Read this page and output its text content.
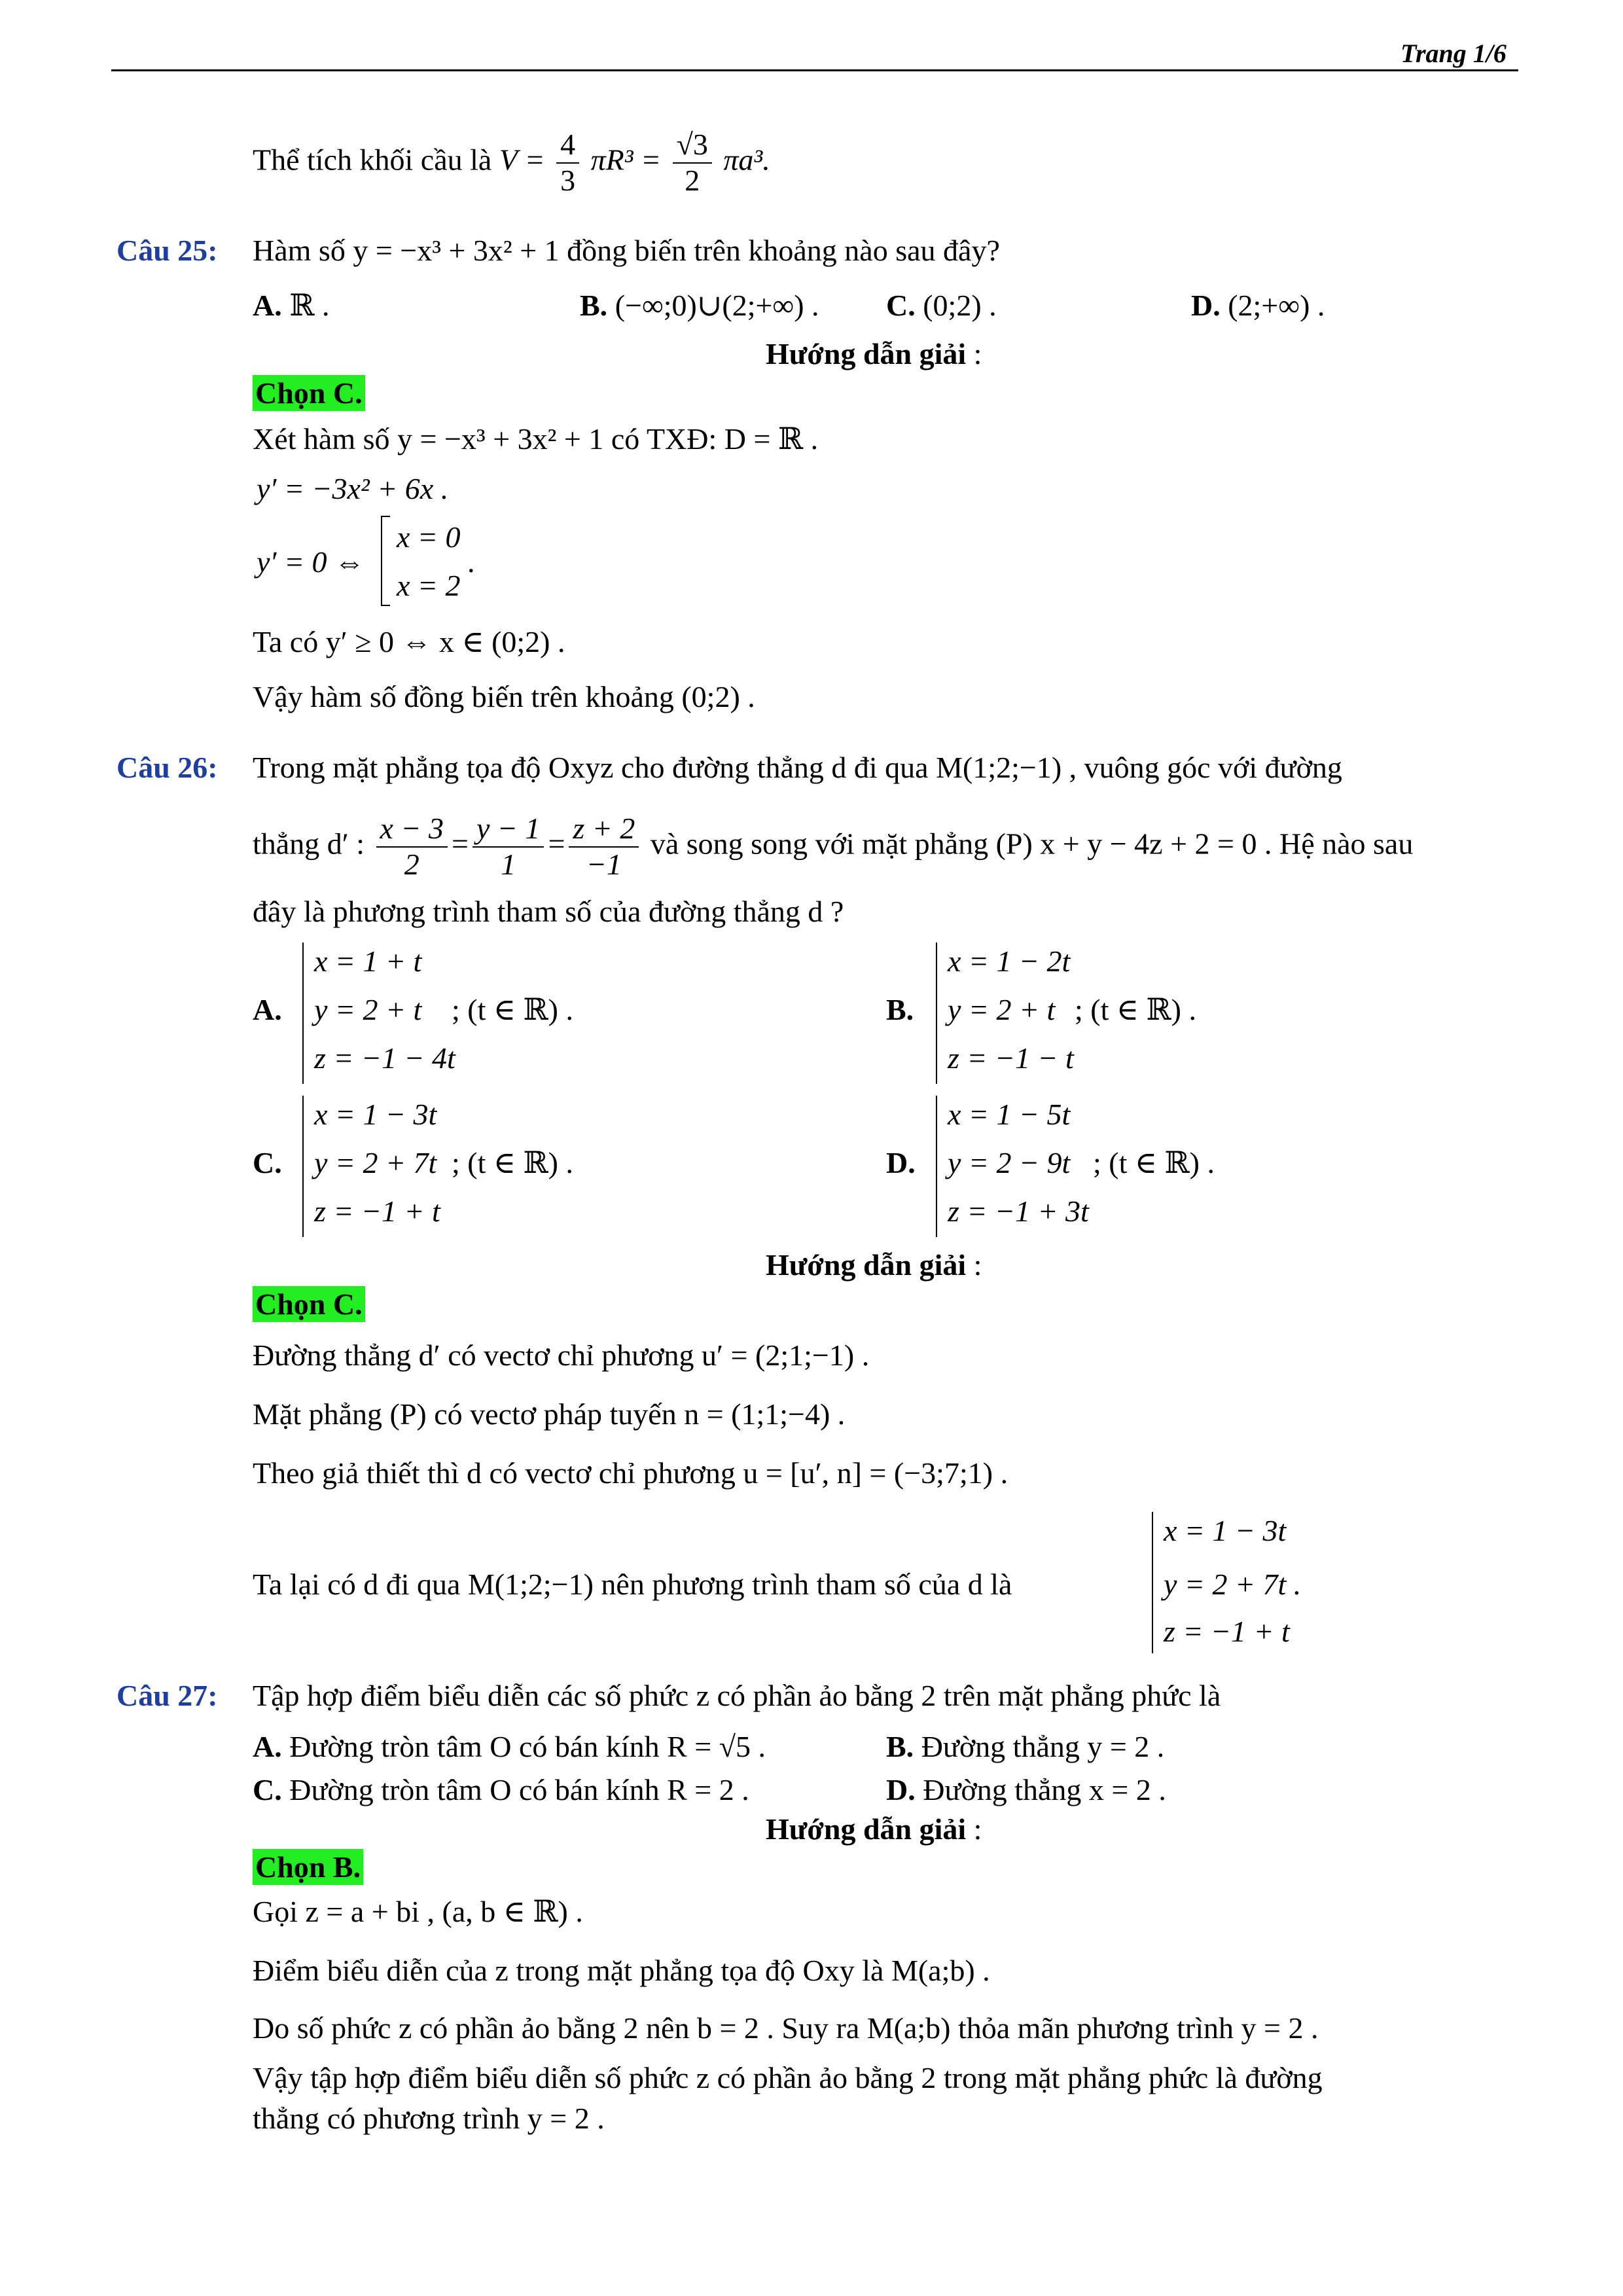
Trang 1/6
Thể tích khối cầu là $V = \frac{4}{3} \pi R^3 = \frac{√3}{2} \pi a^3$.
Câu 25: Hàm số y = −x³ + 3x² + 1 đồng biến trên khoảng nào sau đây?
A. ℝ .	B. (−∞;0)∪(2;+∞) . C. (0;2) .	D. (2;+∞) .
Hướng dẫn giải :
Chọn C.
Xét hàm số y = −x³ + 3x² + 1 có TXĐ: D = ℝ .
y′ = −3x² + 6x .
y′ = 0 ⇔
x = 0
x = 2
.
Ta có y′ ≥ 0 ⇔ x ∈ (0;2) .
Vậy hàm số đồng biến trên khoảng (0;2) .
Câu 26: Trong mặt phẳng tọa độ Oxyz cho đường thẳng d đi qua M(1;2;−1) , vuông góc với đường
thẳng d′ : $\frac{x - 3}{2} = \frac{y - 1}{1} = \frac{z + 2}{-1}$ và song song với mặt phẳng (P) x + y − 4z + 2 = 0 . Hệ nào sau
đây là phương trình tham số của đường thẳng d ?
A.
x = 1 + t
y = 2 + t
z = −1 − 4t
; (t ∈ ℝ) .	B.
x = 1 − 2t
y = 2 + t
z = −1 − t
; (t ∈ ℝ) .
C.
x = 1 − 3t
y = 2 + 7t
z = −1 + t
; (t ∈ ℝ) .	D.
x = 1 − 5t
y = 2 − 9t
z = −1 + 3t
; (t ∈ ℝ) .
Hướng dẫn giải :
Chọn C.
Đường thẳng d′ có vectơ chỉ phương u′ = (2;1;−1) .
Mặt phẳng (P) có vectơ pháp tuyến n = (1;1;−4) .
Theo giả thiết thì d có vectơ chỉ phương u = [u′, n] = (−3;7;1) .
Ta lại có d đi qua M(1;2;−1) nên phương trình tham số của d là
x = 1 − 3t
y = 2 + 7t .
z = −1 + t
Câu 27: Tập hợp điểm biểu diễn các số phức z có phần ảo bằng 2 trên mặt phẳng phức là
A. Đường tròn tâm O có bán kính R = √5 .	B. Đường thẳng y = 2 .
C. Đường tròn tâm O có bán kính R = 2 .	D. Đường thẳng x = 2 .
Hướng dẫn giải :
Chọn B.
Gọi z = a + bi , (a, b ∈ ℝ) .
Điểm biểu diễn của z trong mặt phẳng tọa độ Oxy là M(a;b) .
Do số phức z có phần ảo bằng 2 nên b = 2 . Suy ra M(a;b) thỏa mãn phương trình y = 2 .
Vậy tập hợp điểm biểu diễn số phức z có phần ảo bằng 2 trong mặt phẳng phức là đường
thẳng có phương trình y = 2 .
